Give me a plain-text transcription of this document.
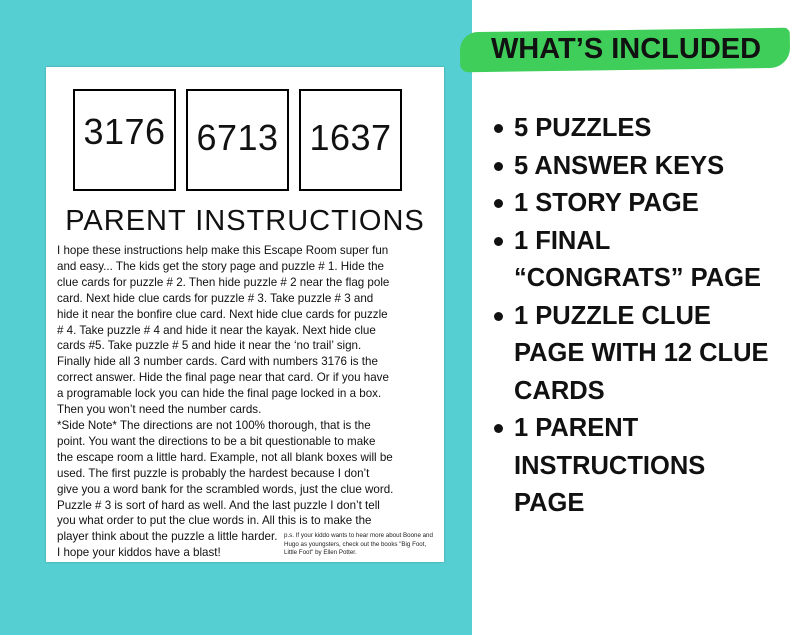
3176 6713 1637
PARENT INSTRUCTIONS
I hope these instructions help make this Escape Room super fun
and easy... The kids get the story page and puzzle # 1. Hide the
clue cards for puzzle # 2. Then hide puzzle # 2 near the flag pole
card. Next hide clue cards for puzzle # 3. Take puzzle # 3 and
hide it near the bonfire clue card. Next hide clue cards for puzzle
# 4. Take puzzle # 4 and hide it near the kayak. Next hide clue
cards #5. Take puzzle # 5 and hide it near the ‘no trail’ sign.
Finally hide all 3 number cards. Card with numbers 3176 is the
correct answer. Hide the final page near that card. Or if you have
a programable lock you can hide the final page locked in a box.
Then you won’t need the number cards.
*Side Note* The directions are not 100% thorough, that is the
point. You want the directions to be a bit questionable to make
the escape room a little hard. Example, not all blank boxes will be
used. The first puzzle is probably the hardest because I don’t
give you a word bank for the scrambled words, just the clue word.
Puzzle # 3 is sort of hard as well. And the last puzzle I don’t tell
you what order to put the clue words in. All this is to make the
player think about the puzzle a little harder.
I hope your kiddos have a blast!
p.s. If your kiddo wants to hear more about Boone and Hugo as youngsters, check out the books "Big Foot, Little Foot" by Ellen Potter.
WHAT’S INCLUDED
5 PUZZLES
5 ANSWER KEYS
1 STORY PAGE
1 FINAL
“CONGRATS” PAGE
1 PUZZLE CLUE
PAGE WITH 12 CLUE
CARDS
1 PARENT
INSTRUCTIONS
PAGE
